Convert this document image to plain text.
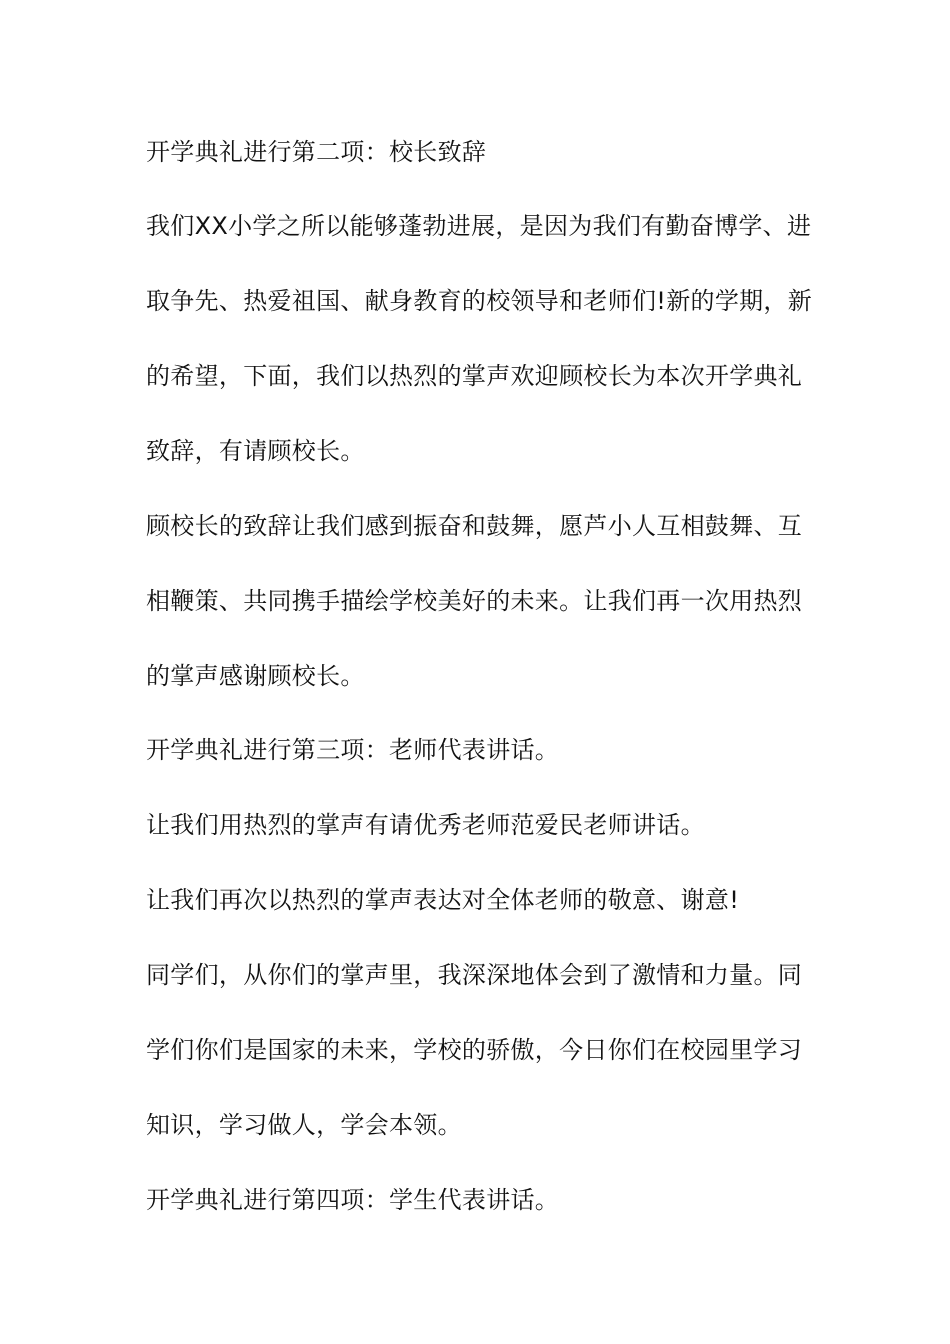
开学典礼进行第二项：校长致辞
我们XX小学之所以能够蓬勃进展，是因为我们有勤奋博学、进
取争先、热爱祖国、献身教育的校领导和老师们!新的学期，新
的希望，下面，我们以热烈的掌声欢迎顾校长为本次开学典礼
致辞，有请顾校长。
顾校长的致辞让我们感到振奋和鼓舞，愿芦小人互相鼓舞、互
相鞭策、共同携手描绘学校美好的未来。让我们再一次用热烈
的掌声感谢顾校长。
开学典礼进行第三项：老师代表讲话。
让我们用热烈的掌声有请优秀老师范爱民老师讲话。
让我们再次以热烈的掌声表达对全体老师的敬意、谢意!
同学们，从你们的掌声里，我深深地体会到了激情和力量。同
学们你们是国家的未来，学校的骄傲，今日你们在校园里学习
知识，学习做人，学会本领。
开学典礼进行第四项：学生代表讲话。
